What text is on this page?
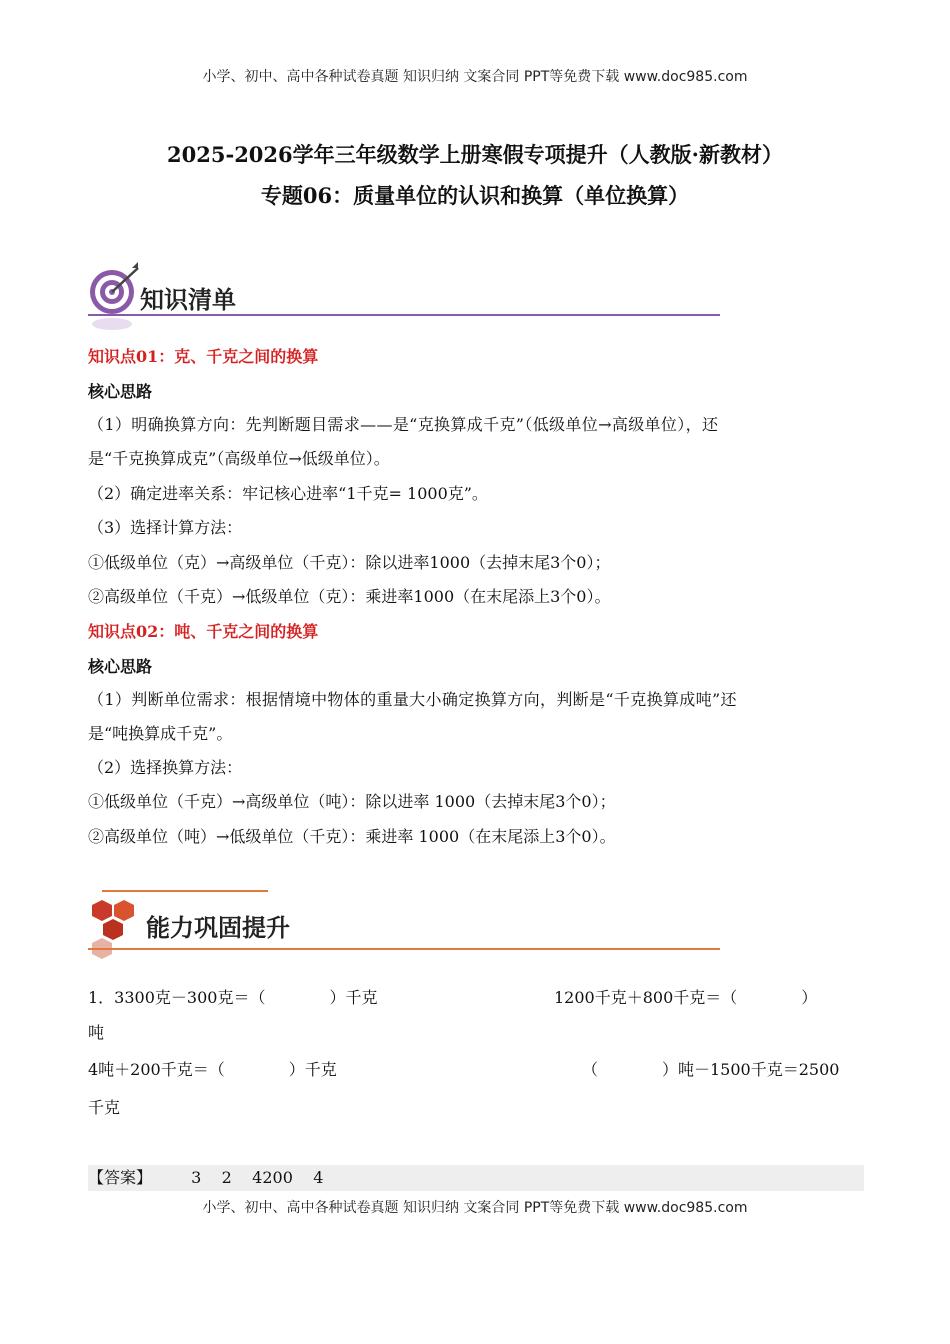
小学、初中、高中各种试卷真题 知识归纳 文案合同 PPT等免费下载 www.doc985.com
2025-2026学年三年级数学上册寒假专项提升（人教版·新教材）
专题06：质量单位的认识和换算（单位换算）
知识清单
知识点01：克、千克之间的换算
核心思路
（1）明确换算方向：先判断题目需求——是“克换算成千克”（低级单位→高级单位），还
是“千克换算成克”（高级单位→低级单位）。
（2）确定进率关系：牢记核心进率“1千克= 1000克”。
（3）选择计算方法：
①低级单位（克）→高级单位（千克）：除以进率1000（去掉末尾3个0）；
②高级单位（千克）→低级单位（克）：乘进率1000（在末尾添上3个0）。
知识点02：吨、千克之间的换算
核心思路
（1）判断单位需求：根据情境中物体的重量大小确定换算方向，判断是“千克换算成吨”还
是“吨换算成千克”。
（2）选择换算方法：
①低级单位（千克）→高级单位（吨）：除以进率 1000（去掉末尾3个0）；
②高级单位（吨）→低级单位（千克）：乘进率 1000（在末尾添上3个0）。
能力巩固提升
1．3300克－300克＝（　　　　）千克	1200千克＋800千克＝（　　　　）
吨
4吨＋200千克＝（　　　　）千克	（　　　　）吨－1500千克＝2500
千克
【答案】 3    2    4200    4
小学、初中、高中各种试卷真题 知识归纳 文案合同 PPT等免费下载 www.doc985.com
